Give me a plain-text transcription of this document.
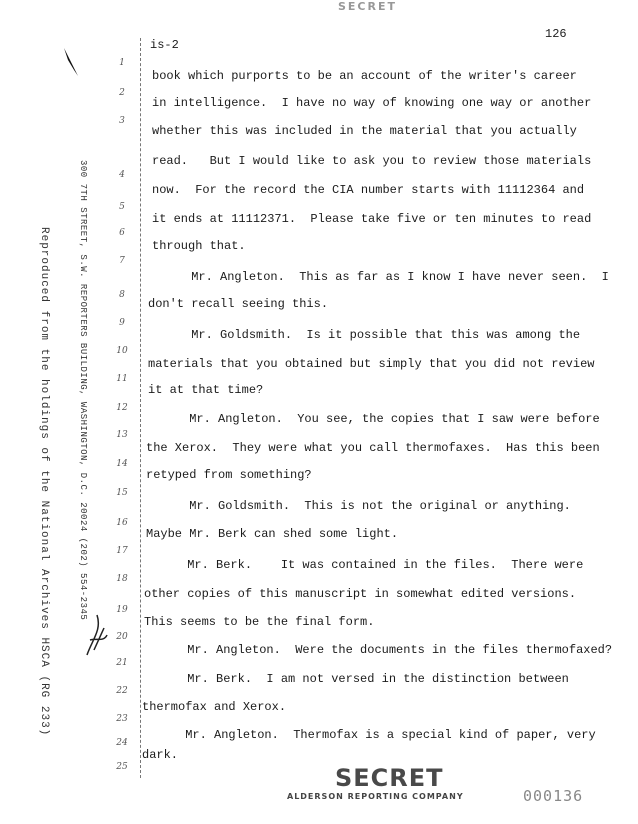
SECRET
126
is-2
Reproduced from the holdings of the National Archives HSCA (RG 233)	300 7TH STREET, S.W. REPORTERS BUILDING, WASHINGTON, D.C. 20024 (202) 554-2345
1
2
3
4
5
6
7
8
9
10
11
12
13
14
15
16
17
18
19
20
21
22
23
24
25
book which purports to be an account of the writer's career
in intelligence.  I have no way of knowing one way or another
whether this was included in the material that you actually
read.   But I would like to ask you to review those materials
now.  For the record the CIA number starts with 11112364 and
it ends at 11112371.  Please take five or ten minutes to read
through that.
Mr. Angleton.  This as far as I know I have never seen.  I
don't recall seeing this.
Mr. Goldsmith.  Is it possible that this was among the
materials that you obtained but simply that you did not review
it at that time?
Mr. Angleton.  You see, the copies that I saw were before
the Xerox.  They were what you call thermofaxes.  Has this been
retyped from something?
Mr. Goldsmith.  This is not the original or anything.
Maybe Mr. Berk can shed some light.
Mr. Berk.    It was contained in the files.  There were
other copies of this manuscript in somewhat edited versions.
This seems to be the final form.
Mr. Angleton.  Were the documents in the files thermofaxed?
Mr. Berk.  I am not versed in the distinction between
thermofax and Xerox.
Mr. Angleton.  Thermofax is a special kind of paper, very
dark.
SECRET
ALDERSON REPORTING COMPANY	000136
